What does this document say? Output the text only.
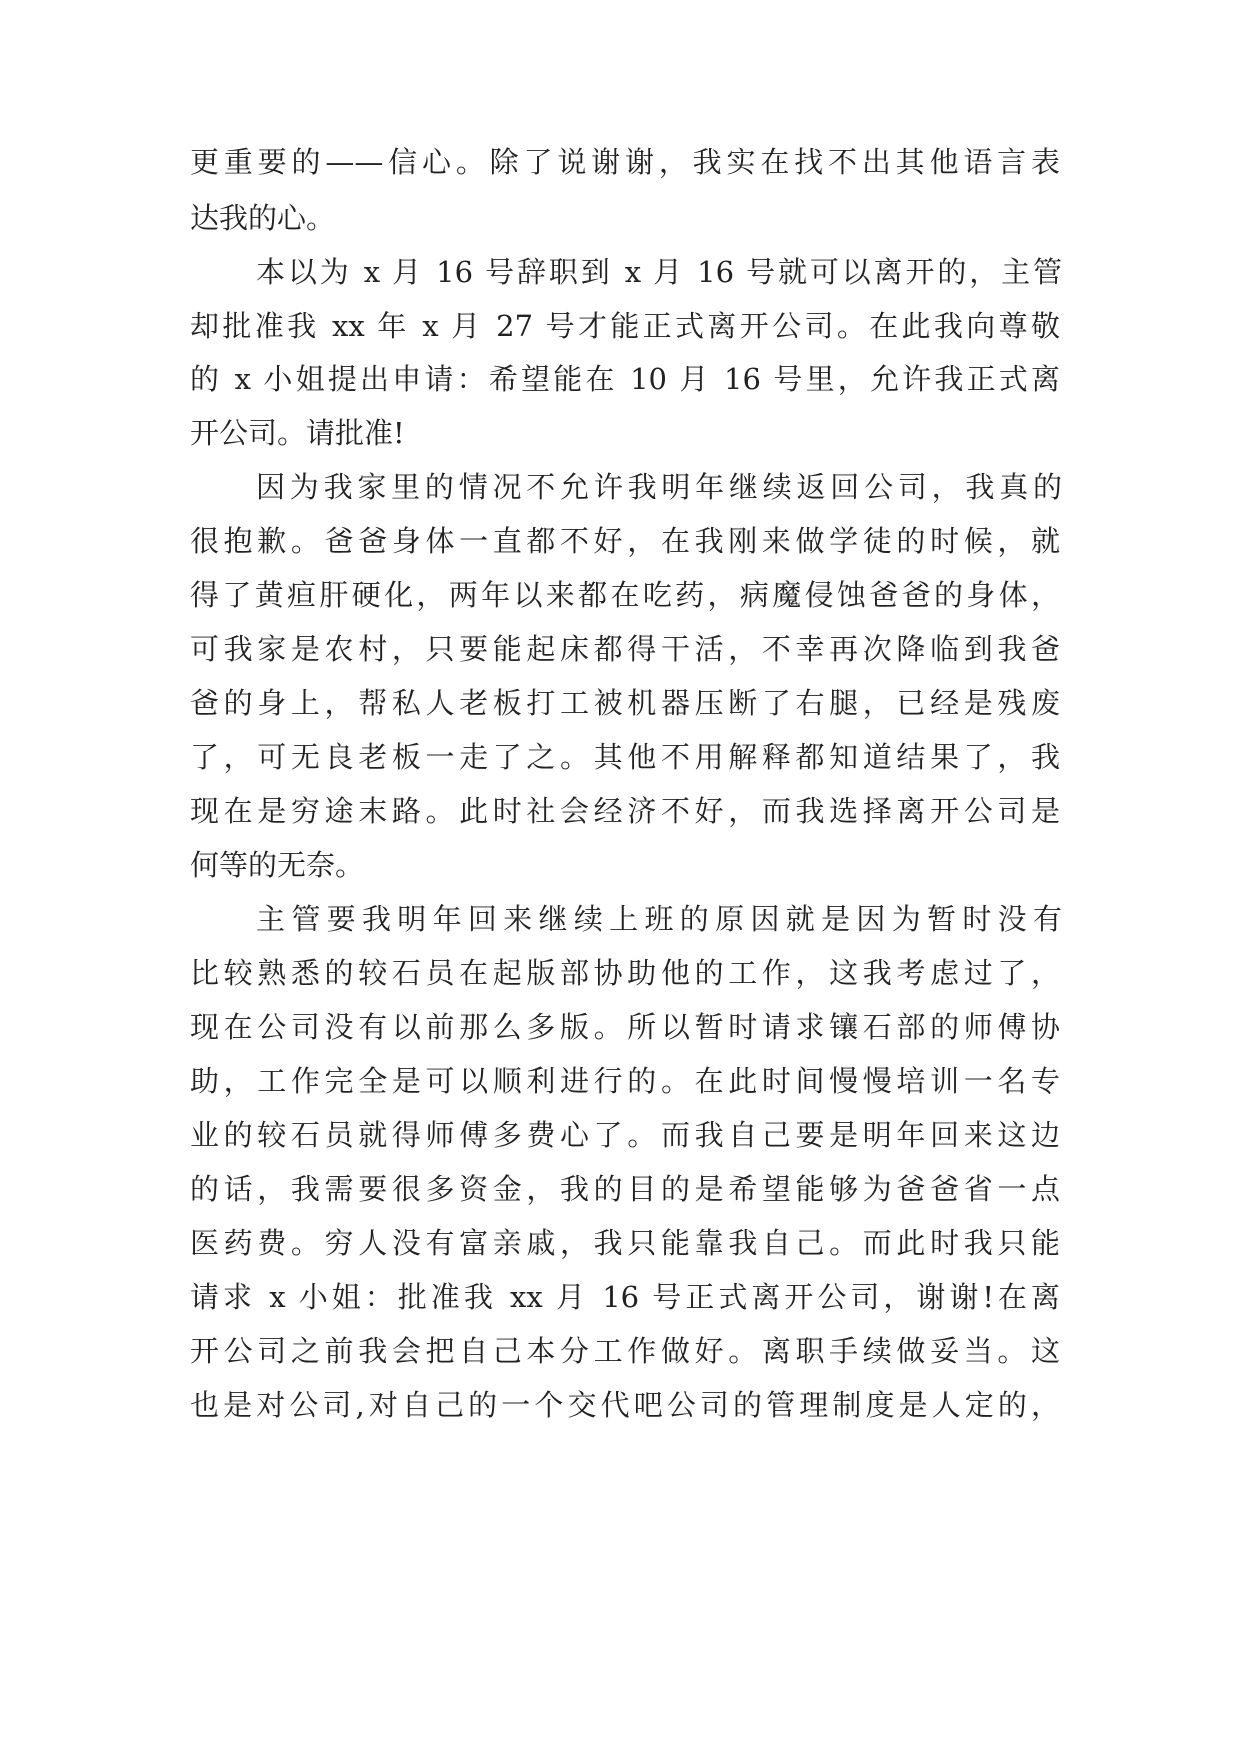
更重要的——信心。除了说谢谢，我实在找不出其他语言表
达我的心。
本以为 x 月 16 号辞职到 x 月 16 号就可以离开的，主管
却批准我 xx 年 x 月 27 号才能正式离开公司。在此我向尊敬
的 x 小姐提出申请：希望能在 10 月 16 号里，允许我正式离
开公司。请批准!
因为我家里的情况不允许我明年继续返回公司，我真的
很抱歉。爸爸身体一直都不好，在我刚来做学徒的时候，就
得了黄疸肝硬化，两年以来都在吃药，病魔侵蚀爸爸的身体，
可我家是农村，只要能起床都得干活，不幸再次降临到我爸
爸的身上，帮私人老板打工被机器压断了右腿，已经是残废
了，可无良老板一走了之。其他不用解释都知道结果了，我
现在是穷途末路。此时社会经济不好，而我选择离开公司是
何等的无奈。
主管要我明年回来继续上班的原因就是因为暂时没有
比较熟悉的较石员在起版部协助他的工作，这我考虑过了，
现在公司没有以前那么多版。所以暂时请求镶石部的师傅协
助，工作完全是可以顺利进行的。在此时间慢慢培训一名专
业的较石员就得师傅多费心了。而我自己要是明年回来这边
的话，我需要很多资金，我的目的是希望能够为爸爸省一点
医药费。穷人没有富亲戚，我只能靠我自己。而此时我只能
请求 x 小姐：批准我 xx 月 16 号正式离开公司，谢谢!在离
开公司之前我会把自己本分工作做好。离职手续做妥当。这
也是对公司,对自己的一个交代吧公司的管理制度是人定的，
